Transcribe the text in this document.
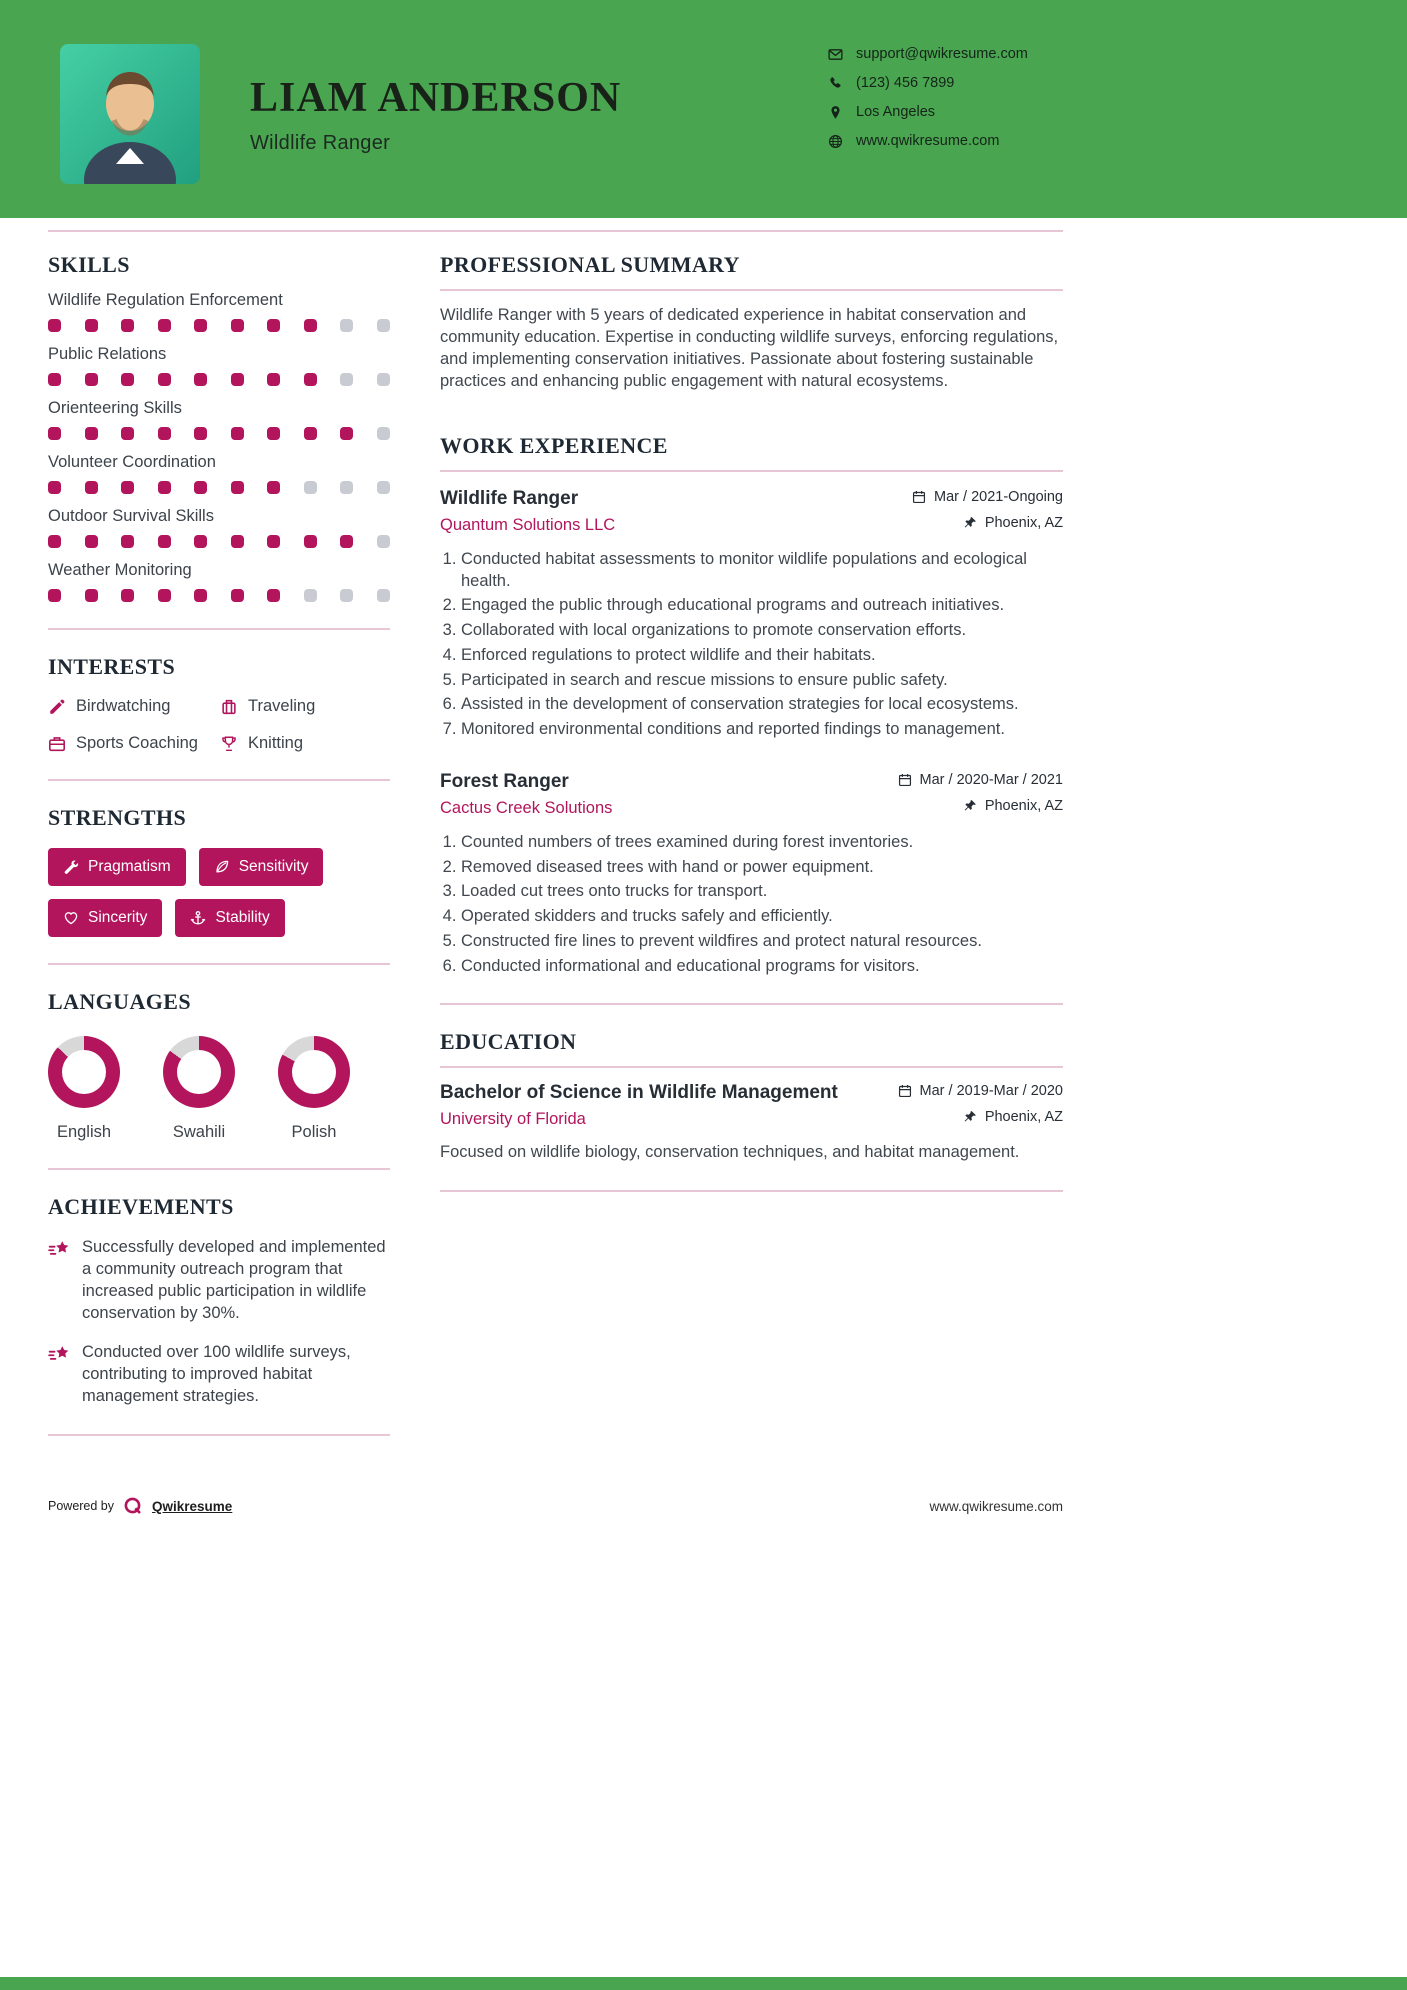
LIAM ANDERSON
Wildlife Ranger
support@qwikresume.com
(123) 456 7899
Los Angeles
www.qwikresume.com
SKILLS
Wildlife Regulation Enforcement
Public Relations
Orienteering Skills
Volunteer Coordination
Outdoor Survival Skills
Weather Monitoring
INTERESTS
Birdwatching	Traveling
Sports Coaching	Knitting
STRENGTHS
Pragmatism	Sensitivity
Sincerity	Stability
LANGUAGES
English	Swahili	Polish
ACHIEVEMENTS
Successfully developed and implemented a community outreach program that increased public participation in wildlife conservation by 30%.
Conducted over 100 wildlife surveys, contributing to improved habitat management strategies.
PROFESSIONAL SUMMARY

Wildlife Ranger with 5 years of dedicated experience in habitat conservation and community education. Expertise in conducting wildlife surveys, enforcing regulations, and implementing conservation initiatives. Passionate about fostering sustainable practices and enhancing public engagement with natural ecosystems.

WORK EXPERIENCE
Wildlife Ranger	Mar / 2021-Ongoing
Quantum Solutions LLC	Phoenix, AZ
1. Conducted habitat assessments to monitor wildlife populations and ecological health.
2. Engaged the public through educational programs and outreach initiatives.
3. Collaborated with local organizations to promote conservation efforts.
4. Enforced regulations to protect wildlife and their habitats.
5. Participated in search and rescue missions to ensure public safety.
6. Assisted in the development of conservation strategies for local ecosystems.
7. Monitored environmental conditions and reported findings to management.
Forest Ranger	Mar / 2020-Mar / 2021
Cactus Creek Solutions	Phoenix, AZ
1. Counted numbers of trees examined during forest inventories.
2. Removed diseased trees with hand or power equipment.
3. Loaded cut trees onto trucks for transport.
4. Operated skidders and trucks safely and efficiently.
5. Constructed fire lines to prevent wildfires and protect natural resources.
6. Conducted informational and educational programs for visitors.
EDUCATION
Bachelor of Science in Wildlife Management	Mar / 2019-Mar / 2020
University of Florida	Phoenix, AZ

Focused on wildlife biology, conservation techniques, and habitat management.

Powered by	Qwikresume	www.qwikresume.com
